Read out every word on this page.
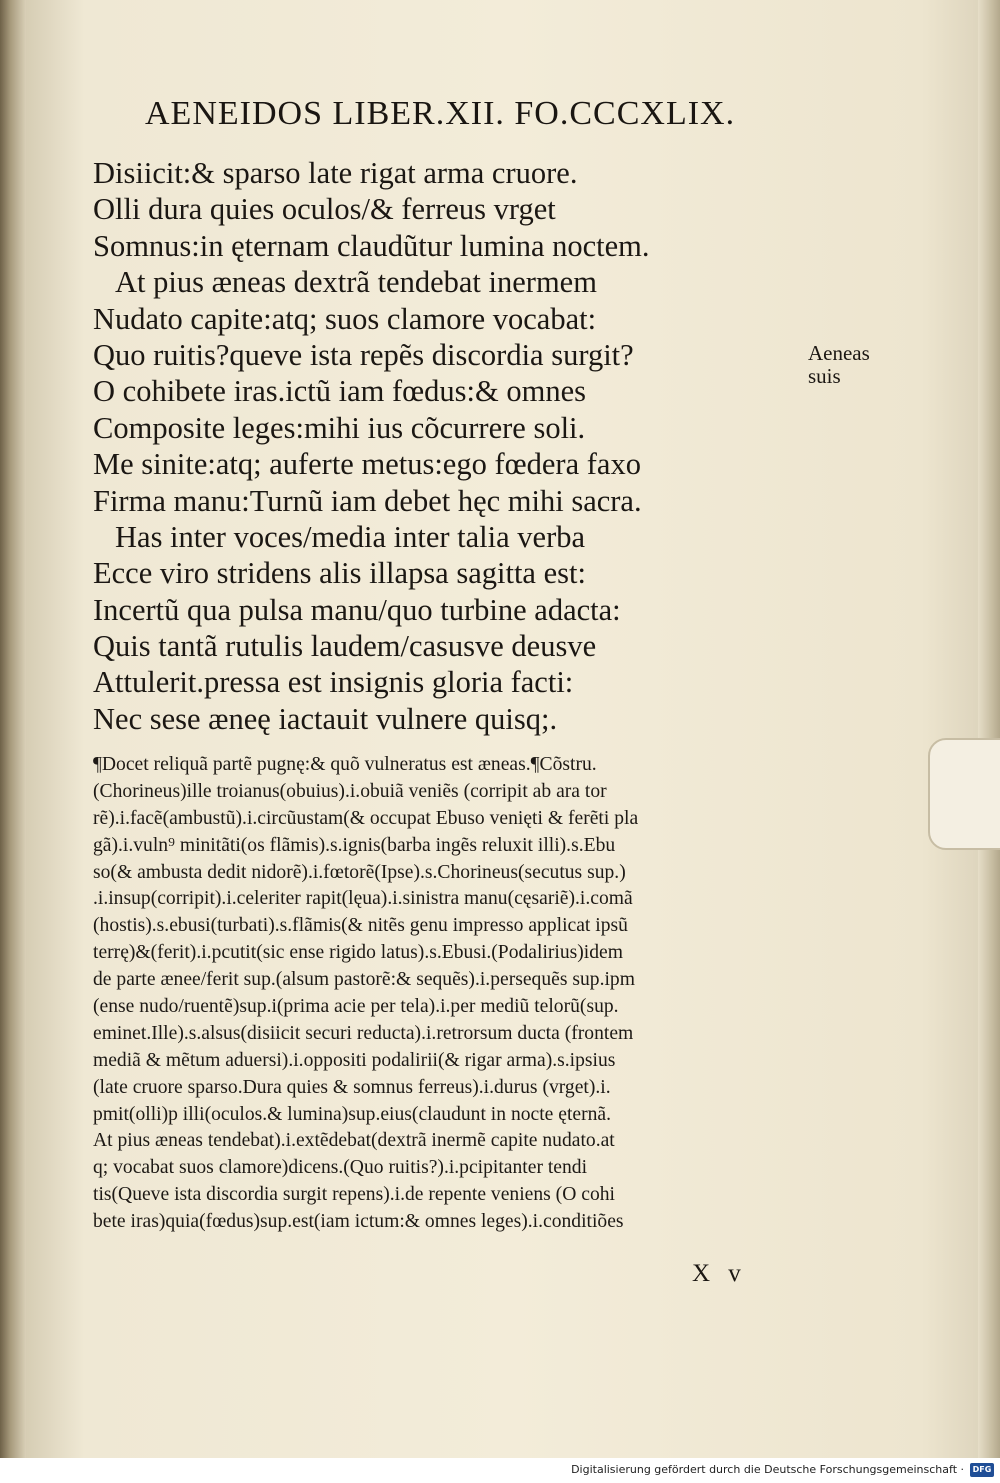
AENEIDOS LIBER.XII. FO.CCCXLIX.
Disiicit:& sparso late rigat arma cruore.
Olli dura quies oculos/& ferreus vrget
Somnus:in ęternam claudũtur lumina noctem.
At pius æneas dextrã tendebat inermem
Nudato capite:atq; suos clamore vocabat:
Quo ruitis?queve ista repẽs discordia surgit?
O cohibete iras.ictũ iam fœdus:& omnes
Composite leges:mihi ius cõcurrere soli.
Me sinite:atq; auferte metus:ego fœdera faxo
Firma manu:Turnũ iam debet hęc mihi sacra.
Has inter voces/media inter talia verba
Ecce viro stridens alis illapsa sagitta est:
Incertũ qua pulsa manu/quo turbine adacta:
Quis tantã rutulis laudem/casusve deusve
Attulerit.pressa est insignis gloria facti:
Nec sese æneę iactauit vulnere quisq;.
Aeneas
suis
¶Docet reliquã partẽ pugnę:& quõ vulneratus est æneas.¶Cõstru.
(Chorineus)ille troianus(obuius).i.obuiã veniẽs (corripit ab ara tor
rẽ).i.facẽ(ambustũ).i.circũustam(& occupat Ebuso venięti & ferẽti pla
gã).i.vuln⁹ minitãti(os flãmis).s.ignis(barba ingẽs reluxit illi).s.Ebu
so(& ambusta dedit nidorẽ).i.fœtorẽ(Ipse).s.Chorineus(secutus sup.)
.i.insup(corripit).i.celeriter rapit(lęua).i.sinistra manu(cęsariẽ).i.comã
(hostis).s.ebusi(turbati).s.flãmis(& nitẽs genu impresso applicat ipsũ
terrę)&(ferit).i.pcutit(sic ense rigido latus).s.Ebusi.(Podalirius)idem
de parte ænee/ferit sup.(alsum pastorẽ:& sequẽs).i.persequẽs sup.ipm
(ense nudo/ruentẽ)sup.i(prima acie per tela).i.per mediũ telorũ(sup.
eminet.Ille).s.alsus(disiicit securi reducta).i.retrorsum ducta (frontem
mediã & mẽtum aduersi).i.oppositi podalirii(& rigar arma).s.ipsius
(late cruore sparso.Dura quies & somnus ferreus).i.durus (vrget).i.
pmit(olli)p illi(oculos.& lumina)sup.eius(claudunt in nocte ęternã.
At pius æneas tendebat).i.extẽdebat(dextrã inermẽ capite nudato.at
q; vocabat suos clamore)dicens.(Quo ruitis?).i.pcipitanter tendi
tis(Queve ista discordia surgit repens).i.de repente veniens (O cohi
bete iras)quia(fœdus)sup.est(iam ictum:& omnes leges).i.conditiões
X v
Digitalisierung gefördert durch die Deutsche Forschungsgemeinschaft ·	DFG
